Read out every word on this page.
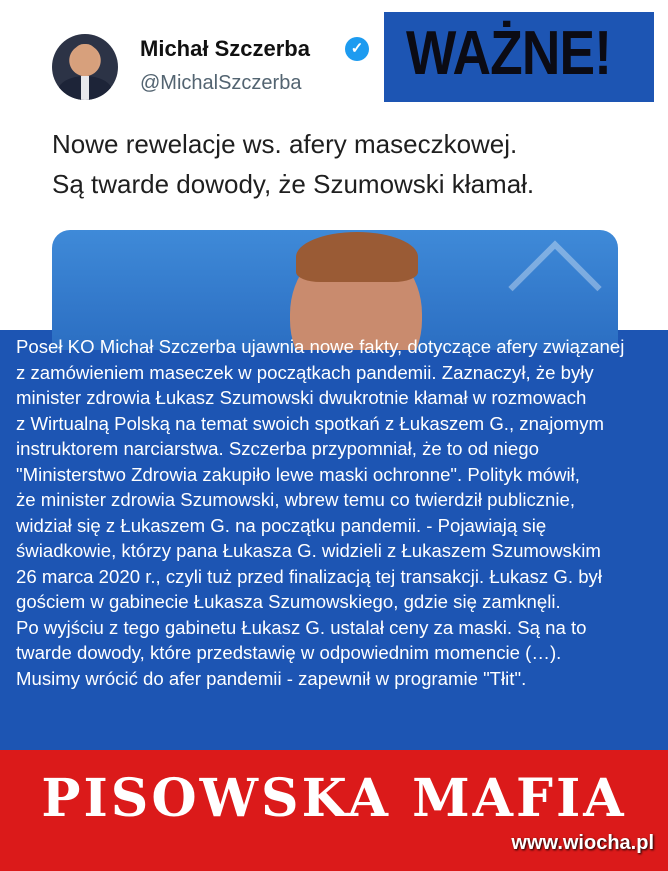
Michał Szczerba	✓
@MichalSzczerba
Nowe rewelacje ws. afery maseczkowej.
Są twarde dowody, że Szumowski kłamał.
WAŻNE!
Poseł KO Michał Szczerba ujawnia nowe fakty, dotyczące afery związanej
z zamówieniem maseczek w początkach pandemii. Zaznaczył, że były
minister zdrowia Łukasz Szumowski dwukrotnie kłamał w rozmowach
z Wirtualną Polską na temat swoich spotkań z Łukaszem G., znajomym
instruktorem narciarstwa. Szczerba przypomniał, że to od niego
"Ministerstwo Zdrowia zakupiło lewe maski ochronne". Polityk mówił,
że minister zdrowia Szumowski, wbrew temu co twierdził publicznie,
widział się z Łukaszem G. na początku pandemii. - Pojawiają się
świadkowie, którzy pana Łukasza G. widzieli z Łukaszem Szumowskim
26 marca 2020 r., czyli tuż przed finalizacją tej transakcji. Łukasz G. był
gościem w gabinecie Łukasza Szumowskiego, gdzie się zamknęli.
Po wyjściu z tego gabinetu Łukasz G. ustalał ceny za maski. Są na to
twarde dowody, które przedstawię w odpowiednim momencie (…).
Musimy wrócić do afer pandemii - zapewnił w programie "Tłit".
PISOWSKA MAFIA
www.wiocha.pl
